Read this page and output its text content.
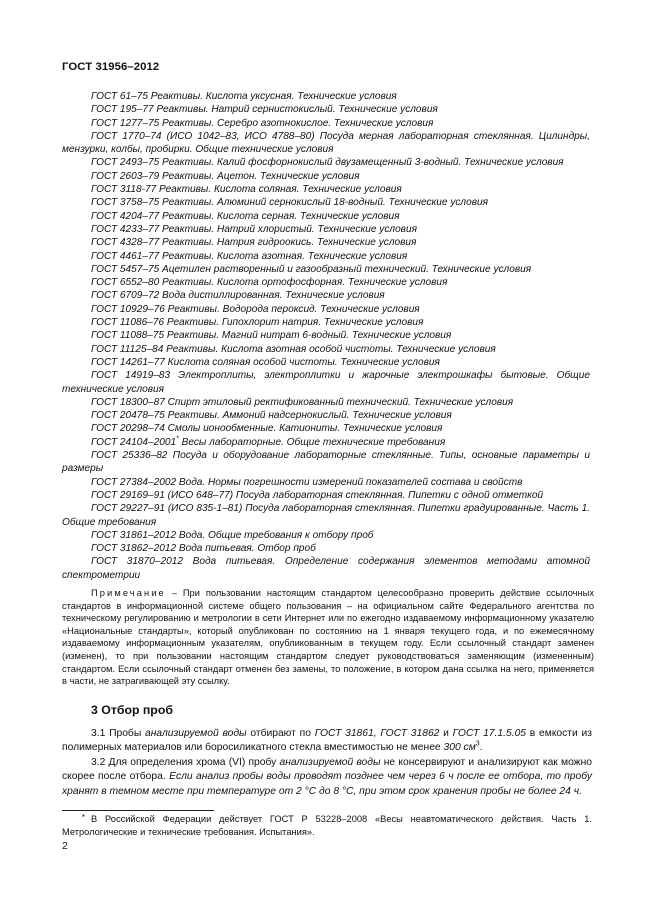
ГОСТ 31956–2012

ГОСТ 61–75 Реактивы. Кислота уксусная. Технические условия

ГОСТ 195–77 Реактивы. Натрий сернистокислый. Технические условия

ГОСТ 1277–75 Реактивы. Серебро азотнокислое. Технические условия

ГОСТ 1770–74 (ИСО 1042–83, ИСО 4788–80) Посуда мерная лабораторная стеклянная. Цилиндры, мензурки, колбы, пробирки. Общие технические условия

ГОСТ 2493–75 Реактивы. Калий фосфорнокислый двузамещенный 3-водный. Технические условия

ГОСТ 2603–79 Реактивы. Ацетон. Технические условия

ГОСТ 3118-77 Реактивы. Кислота соляная. Технические условия

ГОСТ 3758–75 Реактивы. Алюминий сернокислый 18-водный. Технические условия

ГОСТ 4204–77 Реактивы. Кислота серная. Технические условия

ГОСТ 4233–77 Реактивы. Натрий хлористый. Технические условия

ГОСТ 4328–77 Реактивы. Натрия гидроокись. Технические условия

ГОСТ 4461–77 Реактивы. Кислота азотная. Технические условия

ГОСТ 5457–75 Ацетилен растворенный и газообразный технический. Технические условия

ГОСТ 6552–80 Реактивы. Кислота ортофосфорная. Технические условия

ГОСТ 6709–72 Вода дистиллированная. Технические условия

ГОСТ 10929–76 Реактивы. Водорода пероксид. Технические условия

ГОСТ 11086–76 Реактивы. Гипохлорит натрия. Технические условия

ГОСТ 11088–75 Реактивы. Магний нитрат 6-водный. Технические условия

ГОСТ 11125–84 Реактивы. Кислота азотная особой чистоты. Технические условия

ГОСТ 14261–77 Кислота соляная особой чистоты. Технические условия

ГОСТ 14919–83 Электроплиты, электроплитки и жарочные электрошкафы бытовые. Общие технические условия

ГОСТ 18300–87 Спирт этиловый ректификованный технический. Технические условия

ГОСТ 20478–75 Реактивы. Аммоний надсернокислый. Технические условия

ГОСТ 20298–74 Смолы ионообменные. Катиониты. Технические условия

ГОСТ 24104–2001* Весы лабораторные. Общие технические требования

ГОСТ 25336–82 Посуда и оборудование лабораторные стеклянные. Типы, основные параметры и размеры

ГОСТ 27384–2002 Вода. Нормы погрешности измерений показателей состава и свойств

ГОСТ 29169–91 (ИСО 648–77) Посуда лабораторная стеклянная. Пипетки с одной отметкой

ГОСТ 29227–91 (ИСО 835-1–81) Посуда лабораторная стеклянная. Пипетки градуированные. Часть 1. Общие требования

ГОСТ 31861–2012 Вода. Общие требования к отбору проб

ГОСТ 31862–2012 Вода питьевая. Отбор проб

ГОСТ 31870–2012 Вода питьевая. Определение содержания элементов методами атомной спектрометрии

Примечание – При пользовании настоящим стандартом целесообразно проверить действие ссылочных стандартов в информационной системе общего пользования – на официальном сайте Федерального агентства по техническому регулированию и метрологии в сети Интернет или по ежегодно издаваемому информационному указателю «Национальные стандарты», который опубликован по состоянию на 1 января текущего года, и по ежемесячному издаваемому информационным указателям, опубликованным в текущем году. Если ссылочный стандарт заменен (изменен), то при пользовании настоящим стандартом следует руководствоваться заменяющим (измененным) стандартом. Если ссылочный стандарт отменен без замены, то положение, в котором дана ссылка на него, применяется в части, не затрагивающей эту ссылку.
3 Отбор проб

3.1 Пробы анализируемой воды отбирают по ГОСТ 31861, ГОСТ 31862 и ГОСТ 17.1.5.05 в емкости из полимерных материалов или боросиликатного стекла вместимостью не менее 300 $см^3$.

3.2 Для определения хрома (VI) пробу анализируемой воды не консервируют и анализируют как можно скорее после отбора. Если анализ пробы воды проводят позднее чем через 6 ч после ее отбора, то пробу хранят в темном месте при температуре от 2 °С до 8 °С, при этом срок хранения пробы не более 24 ч.

* В Российской Федерации действует ГОСТ Р 53228–2008 «Весы неавтоматического действия. Часть 1. Метрологические и технические требования. Испытания».
2
